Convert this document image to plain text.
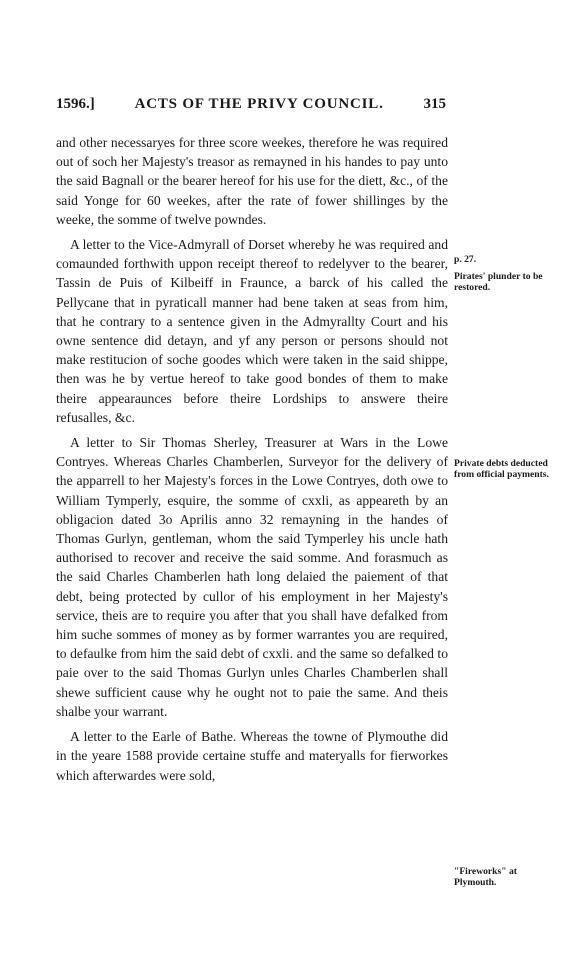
1596.]	ACTS OF THE PRIVY COUNCIL.	315

and other necessaryes for three score weekes, therefore he was required out of soch her Majesty's treasor as remayned in his handes to pay unto the said Bagnall or the bearer hereof for his use for the diett, &c., of the said Yonge for 60 weekes, after the rate of fower shillinges by the weeke, the somme of twelve powndes.

A letter to the Vice-Admyrall of Dorset whereby he was required and comaunded forthwith uppon receipt thereof to redelyver to the bearer, Tassin de Puis of Kilbeiff in Fraunce, a barck of his called the Pellycane that in pyraticall manner had bene taken at seas from him, that he contrary to a sentence given in the Admyrallty Court and his owne sentence did detayn, and yf any person or persons should not make restitucion of soche goodes which were taken in the said shippe, then was he by vertue hereof to take good bondes of them to make theire appearaunces before theire Lordships to answere theire refusalles, &c.

A letter to Sir Thomas Sherley, Treasurer at Wars in the Lowe Contryes. Whereas Charles Chamberlen, Surveyor for the delivery of the apparrell to her Majesty's forces in the Lowe Contryes, doth owe to William Tymperly, esquire, the somme of cxxli, as appeareth by an obligacion dated 3o Aprilis anno 32 remayning in the handes of Thomas Gurlyn, gentleman, whom the said Tymperley his uncle hath authorised to recover and receive the said somme. And forasmuch as the said Charles Chamberlen hath long delaied the paiement of that debt, being protected by cullor of his employment in her Majesty's service, theis are to require you after that you shall have defalked from him suche sommes of money as by former warrantes you are required, to defaulke from him the said debt of cxxli. and the same so defalked to paie over to the said Thomas Gurlyn unles Charles Chamberlen shall shewe sufficient cause why he ought not to paie the same. And theis shalbe your warrant.

A letter to the Earle of Bathe. Whereas the towne of Plymouthe did in the yeare 1588 provide certaine stuffe and materyalls for fierworkes which afterwardes were sold,

p. 27.
Pirates' plunder to be restored.
Private debts deducted from official payments.
"Fireworks" at Plymouth.
